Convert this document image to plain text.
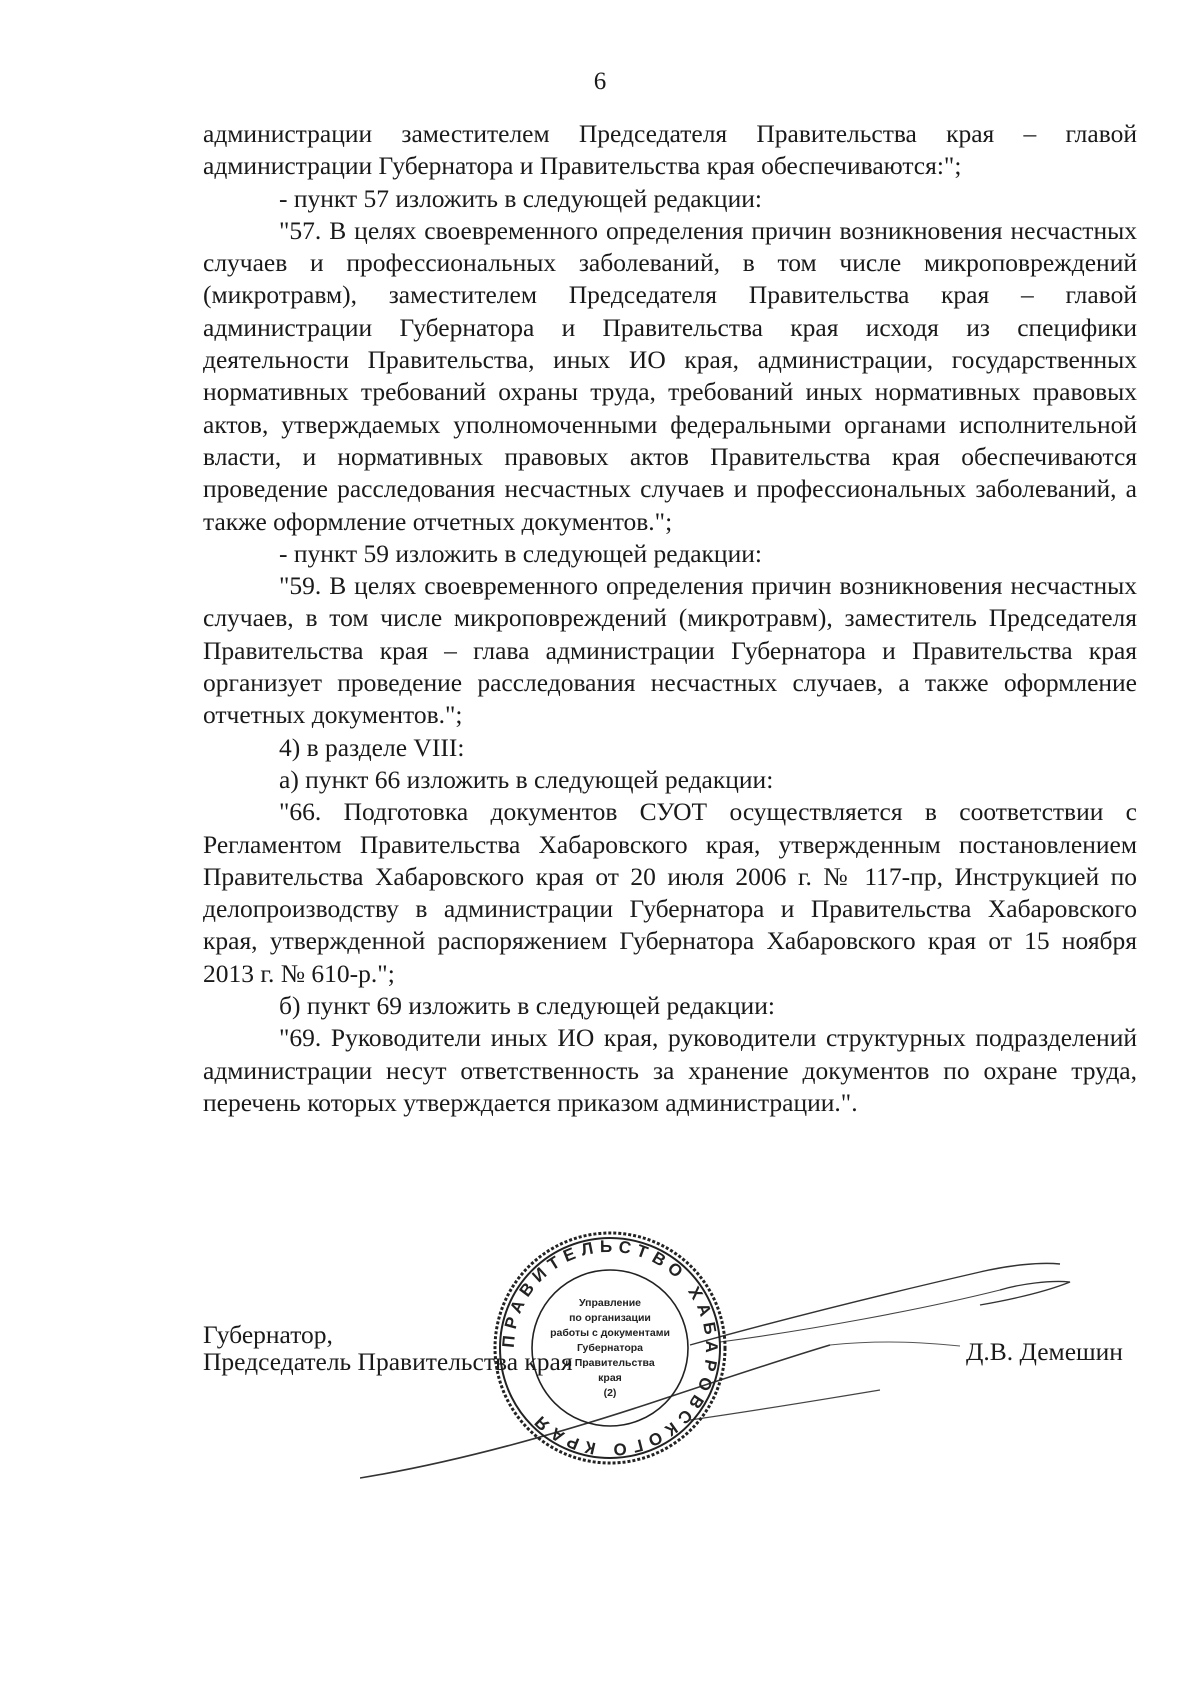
6

администрации заместителем Председателя Правительства края – главой администрации Губернатора и Правительства края обеспечиваются:";

- пункт 57 изложить в следующей редакции:

"57. В целях своевременного определения причин возникновения несчастных случаев и профессиональных заболеваний, в том числе микроповреждений (микротравм), заместителем Председателя Правительства края – главой администрации Губернатора и Правительства края исходя из специфики деятельности Правительства, иных ИО края, администрации, государственных нормативных требований охраны труда, требований иных нормативных правовых актов, утверждаемых уполномоченными федеральными органами исполнительной власти, и нормативных правовых актов Правительства края обеспечиваются проведение расследования несчастных случаев и профессиональных заболеваний, а также оформление отчетных документов.";

- пункт 59 изложить в следующей редакции:

"59. В целях своевременного определения причин возникновения несчастных случаев, в том числе микроповреждений (микротравм), заместитель Председателя Правительства края – глава администрации Губернатора и Правительства края организует проведение расследования несчастных случаев, а также оформление отчетных документов.";

4) в разделе VIII:

а) пункт 66 изложить в следующей редакции:

"66. Подготовка документов СУОТ осуществляется в соответствии с Регламентом Правительства Хабаровского края, утвержденным постановлением Правительства Хабаровского края от 20 июля 2006 г. № 117-пр, Инструкцией по делопроизводству в администрации Губернатора и Правительства Хабаровского края, утвержденной распоряжением Губернатора Хабаровского края от 15 ноября 2013 г. № 610-р.";

б) пункт 69 изложить в следующей редакции:

"69. Руководители иных ИО края, руководители структурных подразделений администрации несут ответственность за хранение документов по охране труда, перечень которых утверждается приказом администрации.".

ПРАВИТЕЛЬСТВО ХАБАРОВСКОГО КРАЯ
Управление
по организации
работы с документами
Губернатора
и Правительства
края
(2)
Губернатор,
Председатель Правительства края	Д.В. Демешин
